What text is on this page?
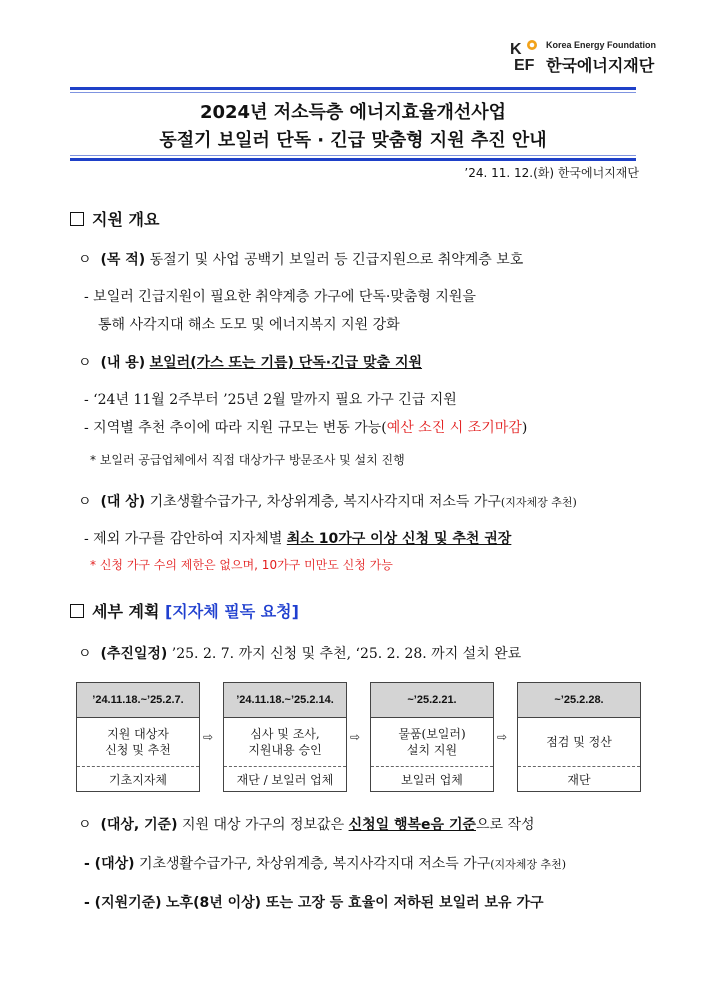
K
EF
Korea Energy Foundation
한국에너지재단
2024년 저소득층 에너지효율개선사업
동절기 보일러 단독 · 긴급 맞춤형 지원 추진 안내
’24. 11. 12.(화) 한국에너지재단
지원 개요
ㅇ (목 적) 동절기 및 사업 공백기 보일러 등 긴급지원으로 취약계층 보호
- 보일러 긴급지원이 필요한 취약계층 가구에 단독·맞춤형 지원을
통해 사각지대 해소 도모 및 에너지복지 지원 강화
ㅇ (내 용) 보일러(가스 또는 기름) 단독·긴급 맞춤 지원
- ‘24년 11월 2주부터 ’25년 2월 말까지 필요 가구 긴급 지원
- 지역별 추천 추이에 따라 지원 규모는 변동 가능(예산 소진 시 조기마감)
* 보일러 공급업체에서 직접 대상가구 방문조사 및 설치 진행
ㅇ (대 상) 기초생활수급가구, 차상위계층, 복지사각지대 저소득 가구(지자체장 추천)
- 제외 가구를 감안하여 지자체별 최소 10가구 이상 신청 및 추천 권장
* 신청 가구 수의 제한은 없으며, 10가구 미만도 신청 가능
세부 계획 [지자체 필독 요청]
ㅇ (추진일정) ’25. 2. 7. 까지 신청 및 추천, ‘25. 2. 28. 까지 설치 완료
’24.11.18.~’25.2.7.
지원 대상자
신청 및 추천
기초지자체
⇨
’24.11.18.~’25.2.14.
심사 및 조사,
지원내용 승인
재단 / 보일러 업체
⇨
~’25.2.21.
물품(보일러)
설치 지원
보일러 업체
⇨
~’25.2.28.
점검 및 정산
재단
ㅇ (대상, 기준) 지원 대상 가구의 정보값은 신청일 행복e음 기준으로 작성
- (대상) 기초생활수급가구, 차상위계층, 복지사각지대 저소득 가구(지자체장 추천)
- (지원기준) 노후(8년 이상) 또는 고장 등 효율이 저하된 보일러 보유 가구
